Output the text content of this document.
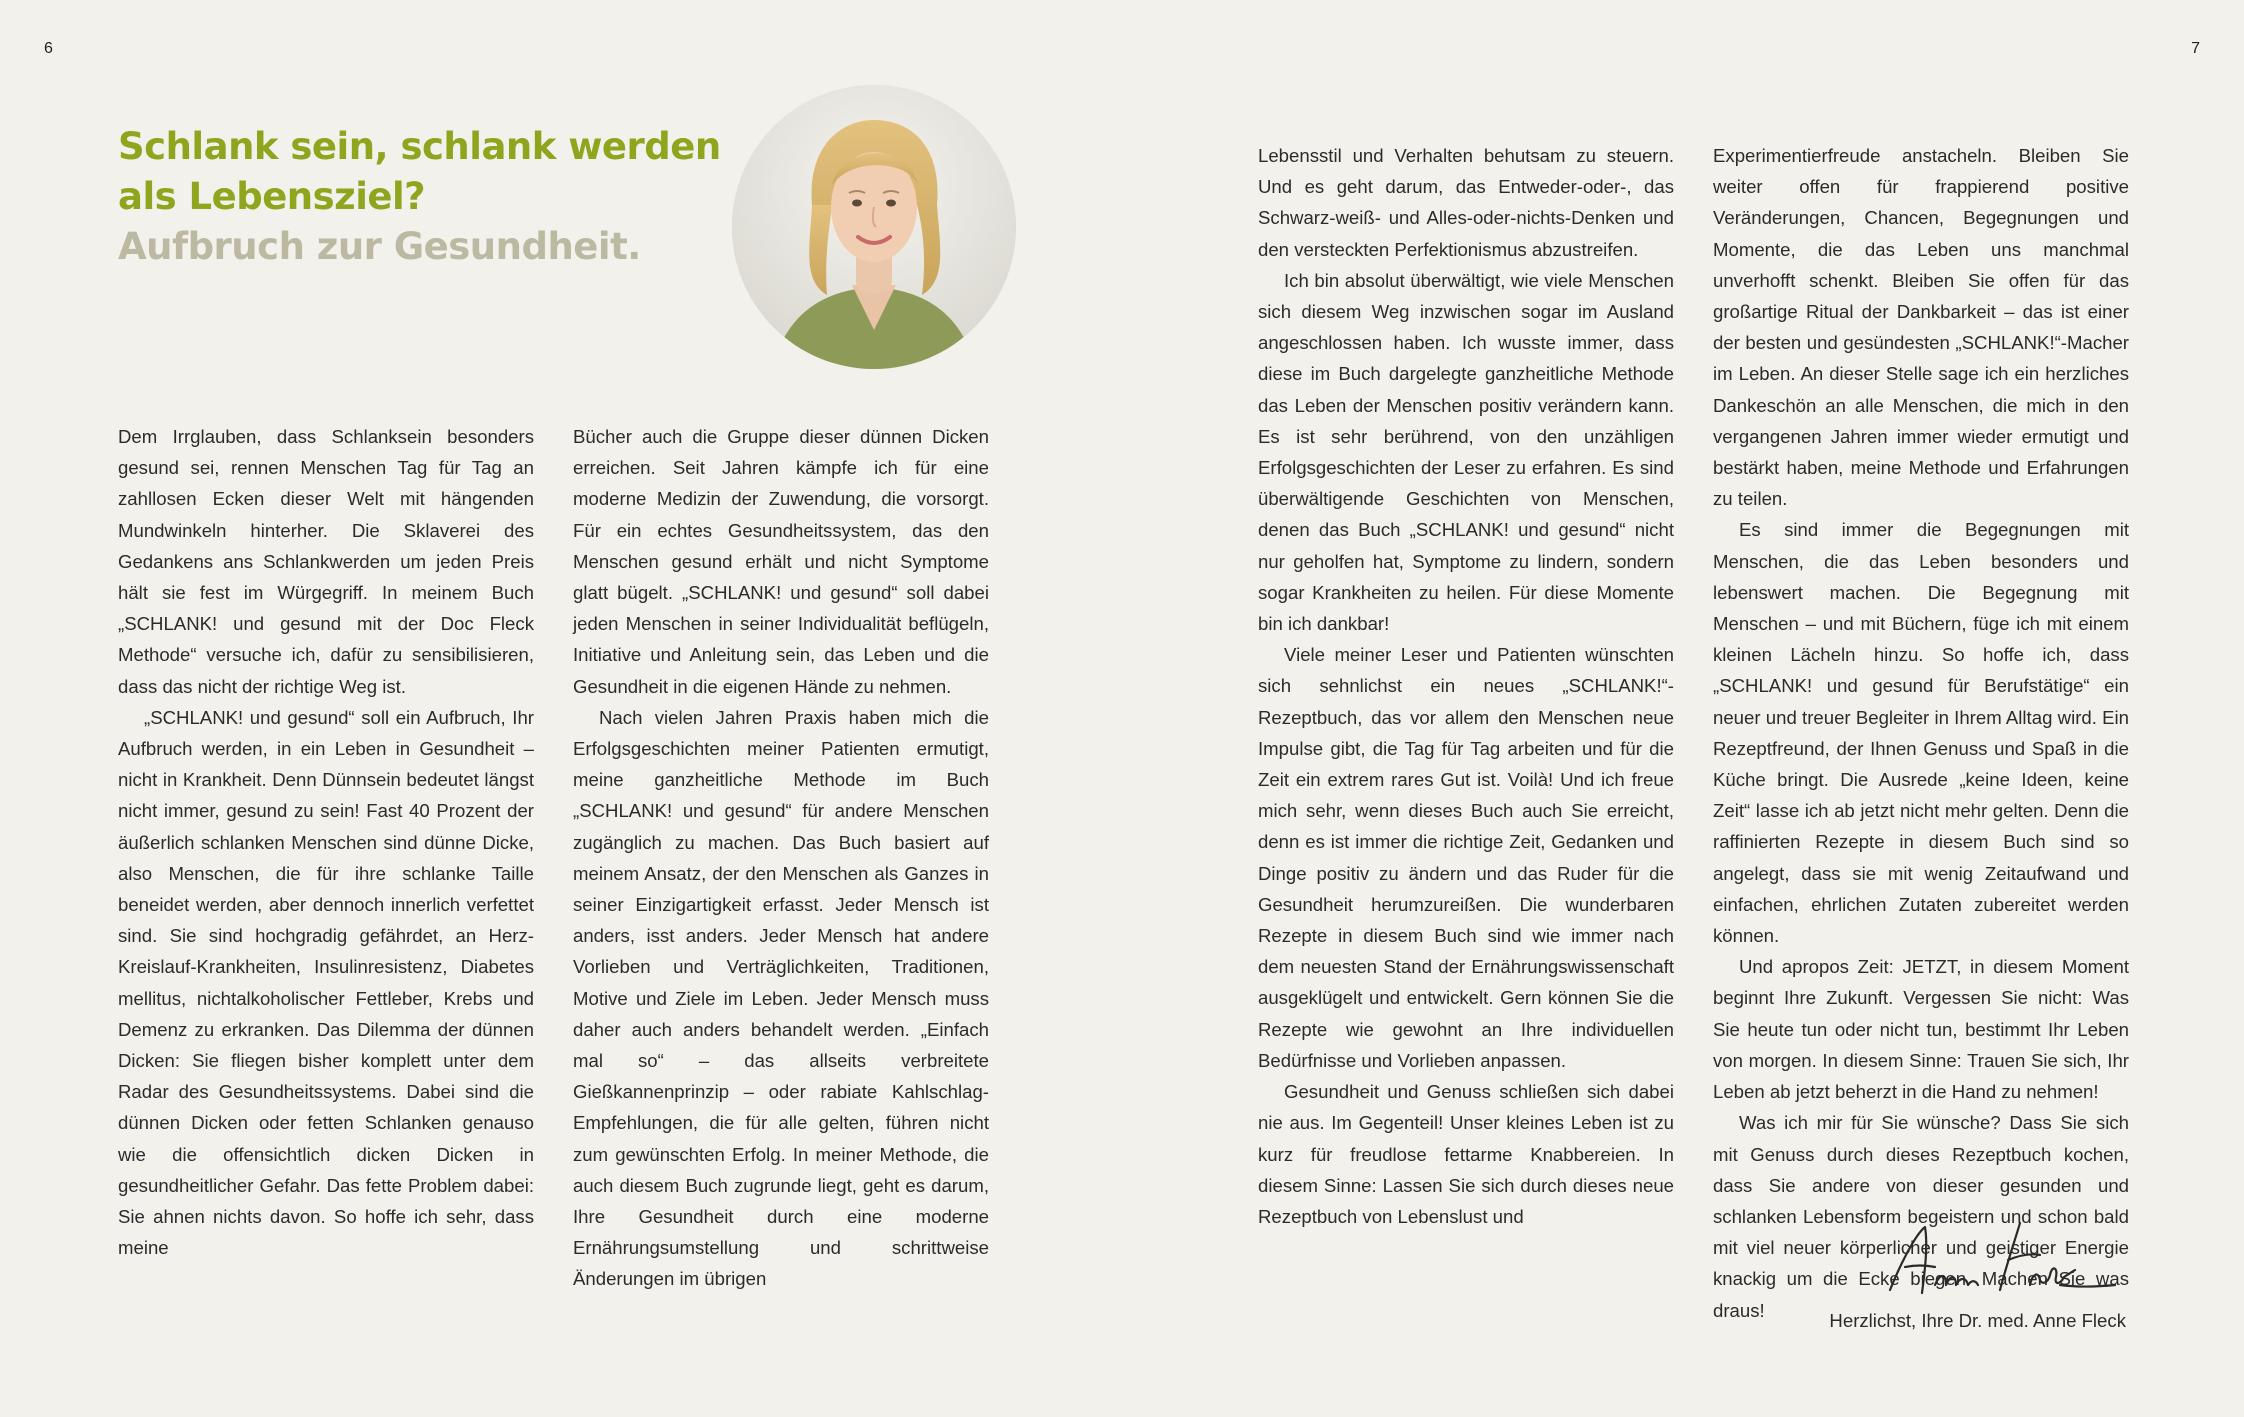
6	7
Schlank sein, schlank werden
als Lebensziel?
Aufbruch zur Gesundheit.

Dem Irrglauben, dass Schlanksein besonders gesund sei, rennen Menschen Tag für Tag an zahllosen Ecken dieser Welt mit hängenden Mundwinkeln hinterher. Die Sklaverei des Gedankens ans Schlankwerden um jeden Preis hält sie fest im Würgegriff. In meinem Buch „SCHLANK! und gesund mit der Doc Fleck Methode“ versuche ich, dafür zu sensibilisieren, dass das nicht der richtige Weg ist.

„SCHLANK! und gesund“ soll ein Aufbruch, Ihr Aufbruch werden, in ein Leben in Gesundheit – nicht in Krankheit. Denn Dünnsein bedeutet längst nicht immer, gesund zu sein! Fast 40 Prozent der äußerlich schlanken Menschen sind dünne Dicke, also Menschen, die für ihre schlanke Taille beneidet werden, aber dennoch innerlich verfettet sind. Sie sind hochgradig gefährdet, an Herz-Kreislauf-Krankheiten, Insulinresistenz, Diabetes mellitus, nichtalkoholischer Fettleber, Krebs und Demenz zu erkranken. Das Dilemma der dünnen Dicken: Sie fliegen bisher komplett unter dem Radar des Gesundheitssystems. Dabei sind die dünnen Dicken oder fetten Schlanken genauso wie die offensichtlich dicken Dicken in gesundheitlicher Gefahr. Das fette Problem dabei: Sie ahnen nichts davon. So hoffe ich sehr, dass meine

Bücher auch die Gruppe dieser dünnen Dicken erreichen. Seit Jahren kämpfe ich für eine moderne Medizin der Zuwendung, die vorsorgt. Für ein echtes Gesundheitssystem, das den Menschen gesund erhält und nicht Symptome glatt bügelt. „SCHLANK! und gesund“ soll dabei jeden Menschen in seiner Individualität beflügeln, Initiative und Anleitung sein, das Leben und die Gesundheit in die eigenen Hände zu nehmen.

Nach vielen Jahren Praxis haben mich die Erfolgsgeschichten meiner Patienten ermutigt, meine ganzheitliche Methode im Buch „SCHLANK! und gesund“ für andere Menschen zugänglich zu machen. Das Buch basiert auf meinem Ansatz, der den Menschen als Ganzes in seiner Einzigartigkeit erfasst. Jeder Mensch ist anders, isst anders. Jeder Mensch hat andere Vorlieben und Verträglichkeiten, Traditionen, Motive und Ziele im Leben. Jeder Mensch muss daher auch anders behandelt werden. „Einfach mal so“ – das allseits verbreitete Gießkannenprinzip – oder rabiate Kahlschlag-Empfehlungen, die für alle gelten, führen nicht zum gewünschten Erfolg. In meiner Methode, die auch diesem Buch zugrunde liegt, geht es darum, Ihre Gesundheit durch eine moderne Ernährungsumstellung und schrittweise Änderungen im übrigen

Lebensstil und Verhalten behutsam zu steuern. Und es geht darum, das Entweder-oder-, das Schwarz-weiß- und Alles-oder-nichts-Denken und den versteckten Perfektionismus abzustreifen.

Ich bin absolut überwältigt, wie viele Menschen sich diesem Weg inzwischen sogar im Ausland angeschlossen haben. Ich wusste immer, dass diese im Buch dargelegte ganzheitliche Methode das Leben der Menschen positiv verändern kann. Es ist sehr berührend, von den unzähligen Erfolgsgeschichten der Leser zu erfahren. Es sind überwältigende Geschichten von Menschen, denen das Buch „SCHLANK! und gesund“ nicht nur geholfen hat, Symptome zu lindern, sondern sogar Krankheiten zu heilen. Für diese Momente bin ich dankbar!

Viele meiner Leser und Patienten wünschten sich sehnlichst ein neues „SCHLANK!“-Rezeptbuch, das vor allem den Menschen neue Impulse gibt, die Tag für Tag arbeiten und für die Zeit ein extrem rares Gut ist. Voilà! Und ich freue mich sehr, wenn dieses Buch auch Sie erreicht, denn es ist immer die richtige Zeit, Gedanken und Dinge positiv zu ändern und das Ruder für die Gesundheit herumzureißen. Die wunderbaren Rezepte in diesem Buch sind wie immer nach dem neuesten Stand der Ernährungswissenschaft ausgeklügelt und entwickelt. Gern können Sie die Rezepte wie gewohnt an Ihre individuellen Bedürfnisse und Vorlieben anpassen.

Gesundheit und Genuss schließen sich dabei nie aus. Im Gegenteil! Unser kleines Leben ist zu kurz für freudlose fettarme Knabbereien. In diesem Sinne: Lassen Sie sich durch dieses neue Rezeptbuch von Lebenslust und

Experimentierfreude anstacheln. Bleiben Sie weiter offen für frappierend positive Veränderungen, Chancen, Begegnungen und Momente, die das Leben uns manchmal unverhofft schenkt. Bleiben Sie offen für das großartige Ritual der Dankbarkeit – das ist einer der besten und gesündesten „SCHLANK!“-Macher im Leben. An dieser Stelle sage ich ein herzliches Dankeschön an alle Menschen, die mich in den vergangenen Jahren immer wieder ermutigt und bestärkt haben, meine Methode und Erfahrungen zu teilen.

Es sind immer die Begegnungen mit Menschen, die das Leben besonders und lebenswert machen. Die Begegnung mit Menschen – und mit Büchern, füge ich mit einem kleinen Lächeln hinzu. So hoffe ich, dass „SCHLANK! und gesund für Berufstätige“ ein neuer und treuer Begleiter in Ihrem Alltag wird. Ein Rezeptfreund, der Ihnen Genuss und Spaß in die Küche bringt. Die Ausrede „keine Ideen, keine Zeit“ lasse ich ab jetzt nicht mehr gelten. Denn die raffinierten Rezepte in diesem Buch sind so angelegt, dass sie mit wenig Zeitaufwand und einfachen, ehrlichen Zutaten zubereitet werden können.

Und apropos Zeit: JETZT, in diesem Moment beginnt Ihre Zukunft. Vergessen Sie nicht: Was Sie heute tun oder nicht tun, bestimmt Ihr Leben von morgen. In diesem Sinne: Trauen Sie sich, Ihr Leben ab jetzt beherzt in die Hand zu nehmen!

Was ich mir für Sie wünsche? Dass Sie sich mit Genuss durch dieses Rezeptbuch kochen, dass Sie andere von dieser gesunden und schlanken Lebensform begeistern und schon bald mit viel neuer körperlicher und geistiger Energie knackig um die Ecke biegen. Machen Sie was draus!	Herzlichst, Ihre Dr. med. Anne Fleck
